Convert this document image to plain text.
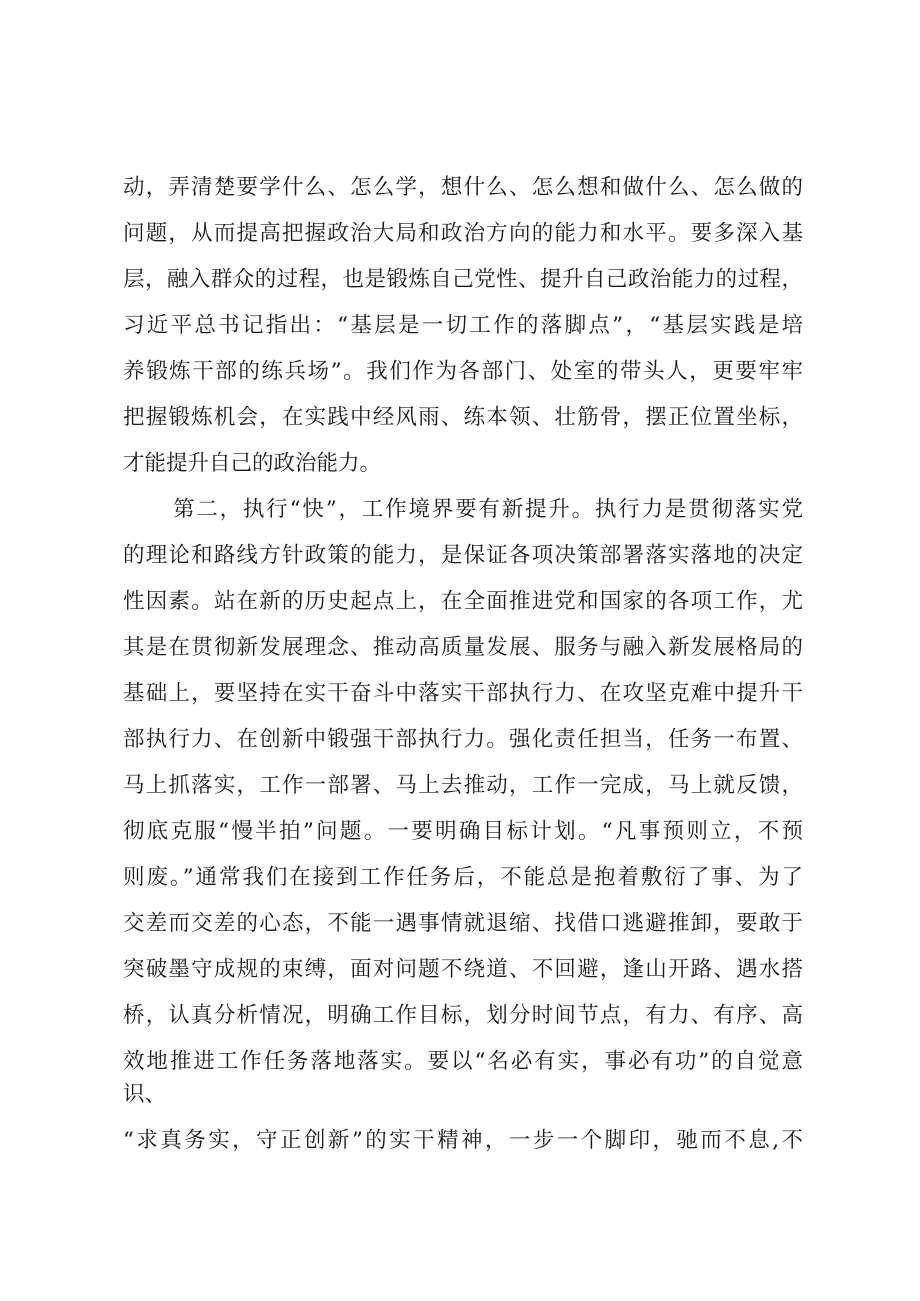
动，弄清楚要学什么、怎么学，想什么、怎么想和做什么、怎么做的
问题，从而提高把握政治大局和政治方向的能力和水平。要多深入基
层，融入群众的过程，也是锻炼自己党性、提升自己政治能力的过程，
习近平总书记指出：“基层是一切工作的落脚点”，“基层实践是培
养锻炼干部的练兵场”。我们作为各部门、处室的带头人，更要牢牢
把握锻炼机会，在实践中经风雨、练本领、壮筋骨，摆正位置坐标，
才能提升自己的政治能力。
第二，执行“快”，工作境界要有新提升。执行力是贯彻落实党
的理论和路线方针政策的能力，是保证各项决策部署落实落地的决定
性因素。站在新的历史起点上，在全面推进党和国家的各项工作，尤
其是在贯彻新发展理念、推动高质量发展、服务与融入新发展格局的
基础上，要坚持在实干奋斗中落实干部执行力、在攻坚克难中提升干
部执行力、在创新中锻强干部执行力。强化责任担当，任务一布置、
马上抓落实，工作一部署、马上去推动，工作一完成，马上就反馈，
彻底克服“慢半拍”问题。一要明确目标计划。“凡事预则立，不预
则废。”通常我们在接到工作任务后，不能总是抱着敷衍了事、为了
交差而交差的心态，不能一遇事情就退缩、找借口逃避推卸，要敢于
突破墨守成规的束缚，面对问题不绕道、不回避，逢山开路、遇水搭
桥，认真分析情况，明确工作目标，划分时间节点，有力、有序、高
效地推进工作任务落地落实。要以“名必有实，事必有功”的自觉意
识、
“求真务实，守正创新”的实干精神，一步一个脚印，驰而不息,不
